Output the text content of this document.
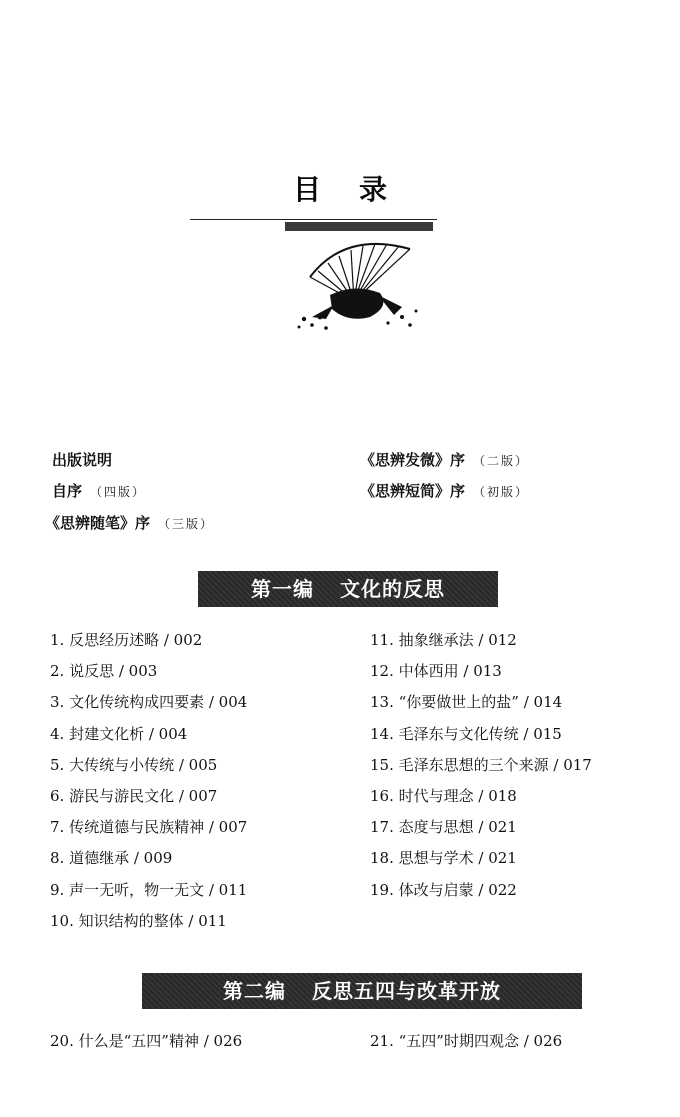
目录
出版说明
自序 （四版）
《思辨随笔》序 （三版）
《思辨发微》序 （二版）
《思辨短简》序 （初版）
第一编 文化的反思
1. 反思经历述略 / 002
2. 说反思 / 003
3. 文化传统构成四要素 / 004
4. 封建文化析 / 004
5. 大传统与小传统 / 005
6. 游民与游民文化 / 007
7. 传统道德与民族精神 / 007
8. 道德继承 / 009
9. 声一无听，物一无文 / 011
10. 知识结构的整体 / 011
11. 抽象继承法 / 012
12. 中体西用 / 013
13. “你要做世上的盐” / 014
14. 毛泽东与文化传统 / 015
15. 毛泽东思想的三个来源 / 017
16. 时代与理念 / 018
17. 态度与思想 / 021
18. 思想与学术 / 021
19. 体改与启蒙 / 022
第二编 反思五四与改革开放
20. 什么是“五四”精神 / 026	21. “五四”时期四观念 / 026
